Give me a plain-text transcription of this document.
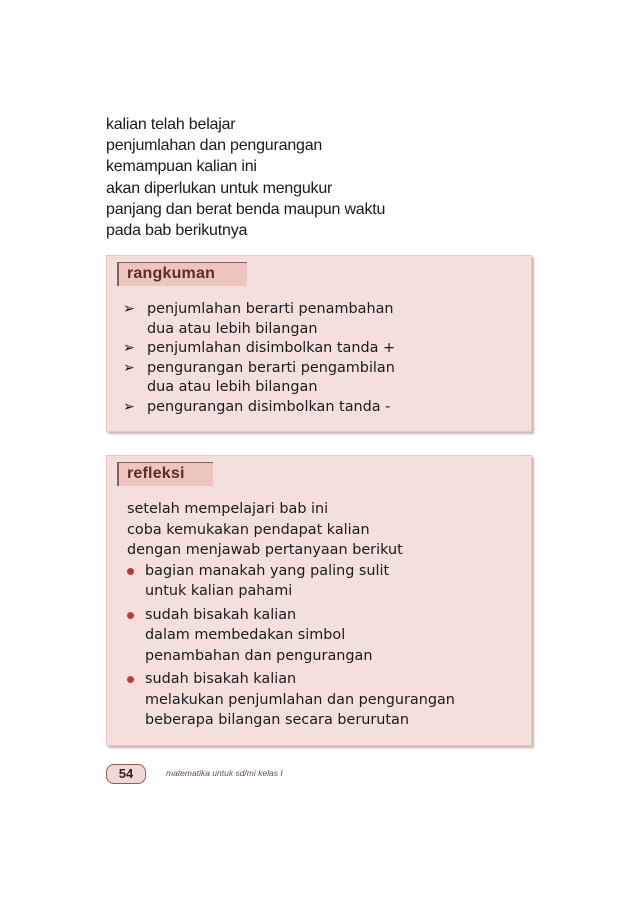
kalian telah belajar
penjumlahan dan pengurangan
kemampuan kalian ini
akan diperlukan untuk mengukur
panjang dan berat benda maupun waktu
pada bab berikutnya
rangkuman
➢ penjumlahan berarti penambahan
dua atau lebih bilangan
➢ penjumlahan disimbolkan tanda +
➢ pengurangan berarti pengambilan
dua atau lebih bilangan
➢ pengurangan disimbolkan tanda -
refleksi
setelah mempelajari bab ini
coba kemukakan pendapat kalian
dengan menjawab pertanyaan berikut
bagian manakah yang paling sulit
untuk kalian pahami
sudah bisakah kalian
dalam membedakan simbol
penambahan dan pengurangan
sudah bisakah kalian
melakukan penjumlahan dan pengurangan
beberapa bilangan secara berurutan
54	matematika untuk sd/mi kelas I
